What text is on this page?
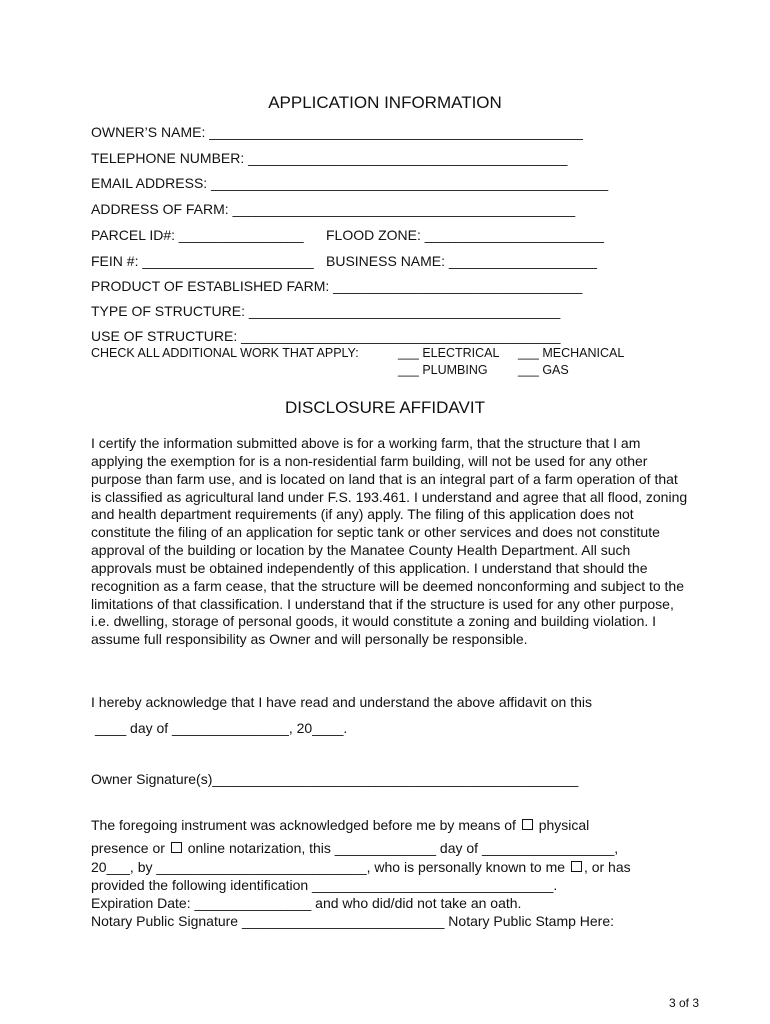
APPLICATION INFORMATION
OWNER’S NAME: ________________________________________________
TELEPHONE NUMBER: _________________________________________
EMAIL ADDRESS: ___________________________________________________
ADDRESS OF FARM: ____________________________________________
PARCEL ID#: ________________ FLOOD ZONE: _______________________
FEIN #: ______________________ BUSINESS NAME: ___________________
PRODUCT OF ESTABLISHED FARM: ________________________________
TYPE OF STRUCTURE: ________________________________________
USE OF STRUCTURE: _________________________________________
CHECK ALL ADDITIONAL WORK THAT APPLY:	___ ELECTRICAL ___ MECHANICAL
___ PLUMBING ___ GAS
DISCLOSURE AFFIDAVIT

I certify the information submitted above is for a working farm, that the structure that I am applying the exemption for is a non-residential farm building, will not be used for any other purpose than farm use, and is located on land that is an integral part of a farm operation of that is classified as agricultural land under F.S. 193.461. I understand and agree that all flood, zoning and health department requirements (if any) apply. The filing of this application does not constitute the filing of an application for septic tank or other services and does not constitute approval of the building or location by the Manatee County Health Department. All such approvals must be obtained independently of this application. I understand that should the recognition as a farm cease, that the structure will be deemed nonconforming and subject to the limitations of that classification. I understand that if the structure is used for any other purpose, i.e. dwelling, storage of personal goods, it would constitute a zoning and building violation. I assume full responsibility as Owner and will personally be responsible.

I hereby acknowledge that I have read and understand the above affidavit on this
____ day of _______________, 20____.
Owner Signature(s)_______________________________________________
The foregoing instrument was acknowledged before me by means of physical
presence or online notarization, this _____________ day of _________________,
20___, by ___________________________, who is personally known to me , or has
provided the following identification _______________________________.
Expiration Date: _______________ and who did/did not take an oath.
Notary Public Signature __________________________ Notary Public Stamp Here:
3 of 3
